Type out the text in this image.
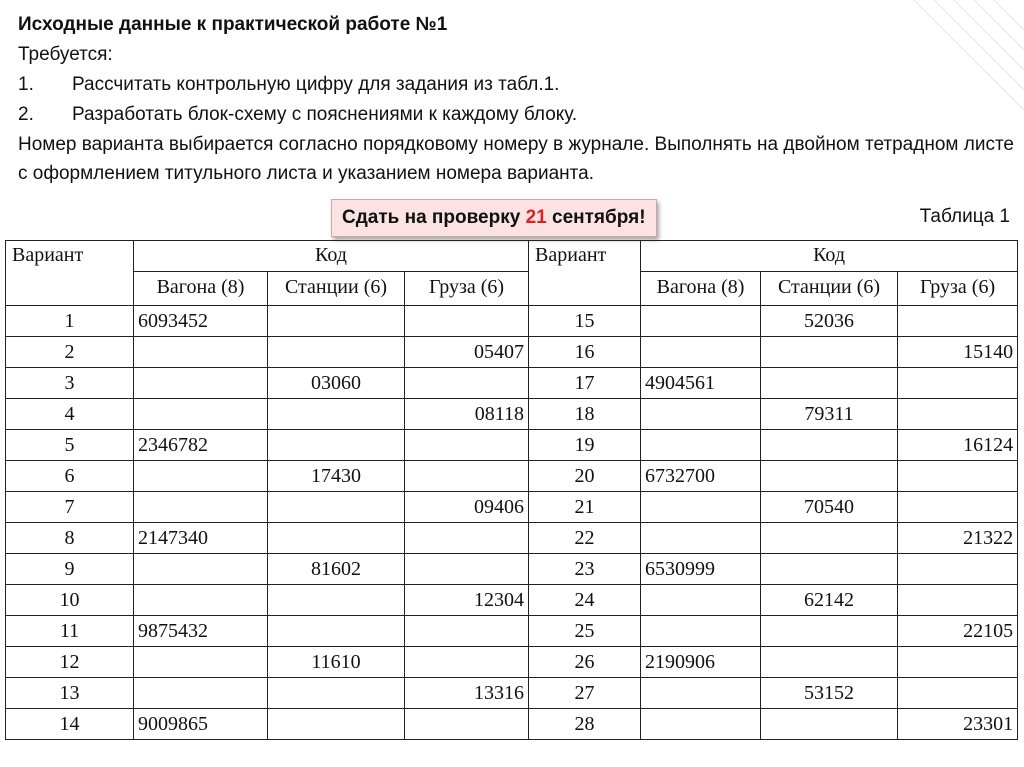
Исходные данные к практической работе №1
Требуется:
1.	Рассчитать контрольную цифру для задания из табл.1.
2.	Разработать блок-схему с пояснениями к каждому блоку.
Номер варианта выбирается согласно порядковому номеру в журнале. Выполнять на двойном тетрадном листе с оформлением титульного листа и указанием номера варианта.
Сдать на проверку 21 сентября!	Таблица 1
Вариант	Код			Вариант	Код		
	Вагона (8)	Станции (6)	Груза (6)		Вагона (8)	Станции (6)	Груза (6)
1	6093452			15		52036	
2			05407	16			15140
3		03060		17	4904561		
4			08118	18		79311	
5	2346782			19			16124
6		17430		20	6732700		
7			09406	21		70540	
8	2147340			22			21322
9		81602		23	6530999		
10			12304	24		62142	
11	9875432			25			22105
12		11610		26	2190906		
13			13316	27		53152	
14	9009865			28			23301
